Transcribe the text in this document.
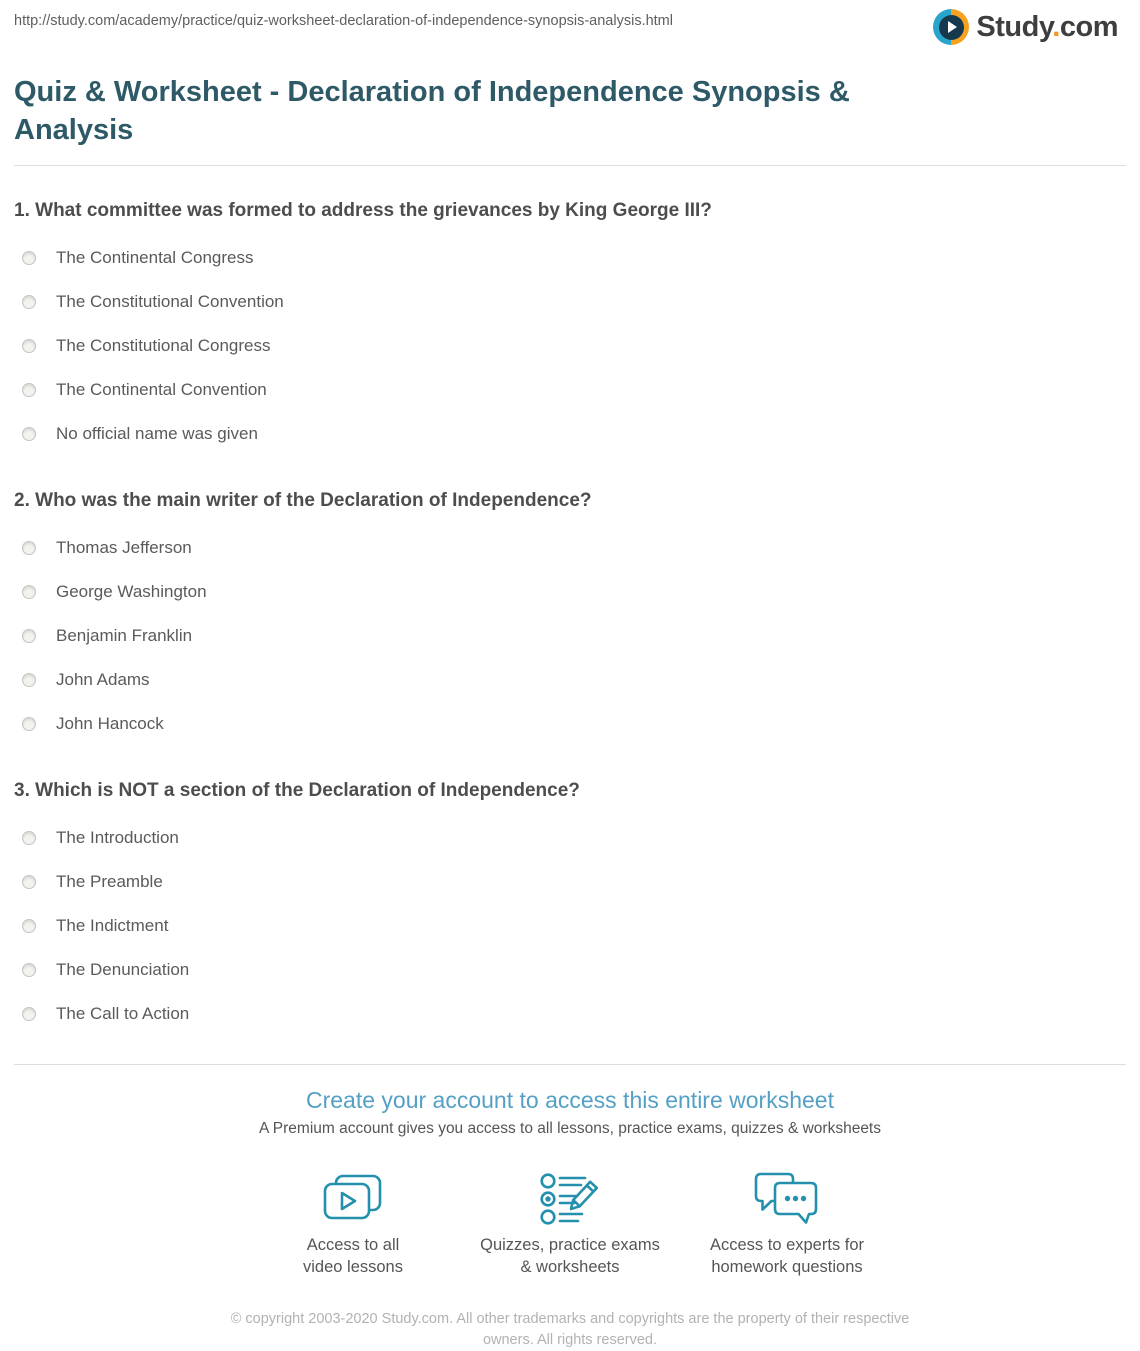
Study.com
http://study.com/academy/practice/quiz-worksheet-declaration-of-independence-synopsis-analysis.html
Quiz & Worksheet - Declaration of Independence Synopsis & Analysis
1. What committee was formed to address the grievances by King George III?
The Continental Congress
The Constitutional Convention
The Constitutional Congress
The Continental Convention
No official name was given
2. Who was the main writer of the Declaration of Independence?
Thomas Jefferson
George Washington
Benjamin Franklin
John Adams
John Hancock
3. Which is NOT a section of the Declaration of Independence?
The Introduction
The Preamble
The Indictment
The Denunciation
The Call to Action
Create your account to access this entire worksheet
A Premium account gives you access to all lessons, practice exams, quizzes & worksheets
Access to all
video lessons
Quizzes, practice exams
& worksheets
Access to experts for
homework questions
© copyright 2003-2020 Study.com. All other trademarks and copyrights are the property of their respective owners. All rights reserved.
